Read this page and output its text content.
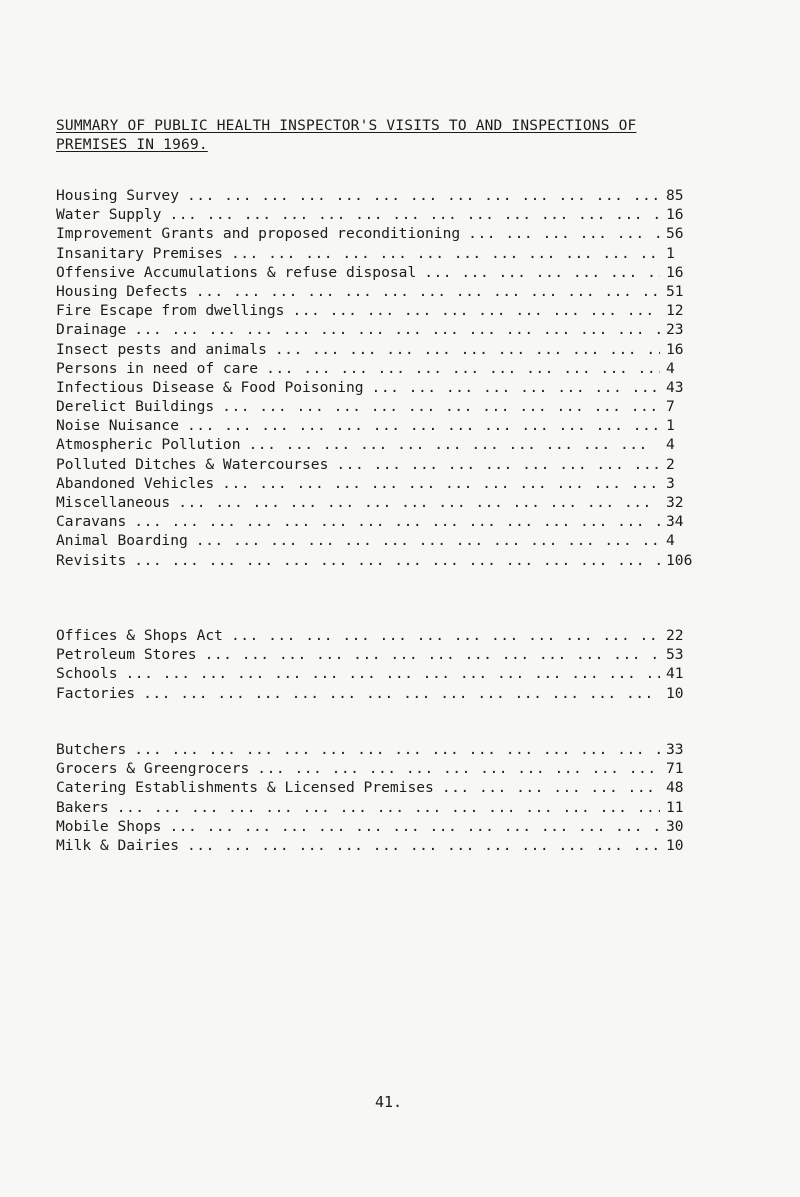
SUMMARY OF PUBLIC HEALTH INSPECTOR'S VISITS TO AND INSPECTIONS OF
PREMISES IN 1969.
Housing Survey ... .	85
Water Supply ... .	16
Improvement Grants and proposed reconditioning ... .	56
Insanitary Premises ... .	1
Offensive Accumulations & refuse disposal ... .	16
Housing Defects ... .	51
Fire Escape from dwellings ... .	12
Drainage ... .	23
Insect pests and animals ... .	16
Persons in need of care ... .	4
Infectious Disease & Food Poisoning ... .	43
Derelict Buildings ... .	7
Noise Nuisance ... .	1
Atmospheric Pollution ... .	4
Polluted Ditches & Watercourses ... .	2
Abandoned Vehicles ... .	3
Miscellaneous ... .	32
Caravans ... .	34
Animal Boarding ... .	4
Revisits ... .	106
Offices & Shops Act ... .	22
Petroleum Stores ... .	53
Schools ... .	41
Factories ... .	10
Butchers ... .	33
Grocers & Greengrocers ... .	71
Catering Establishments & Licensed Premises ... .	48
Bakers ... .	11
Mobile Shops ... .	30
Milk & Dairies ... .	10
41.
